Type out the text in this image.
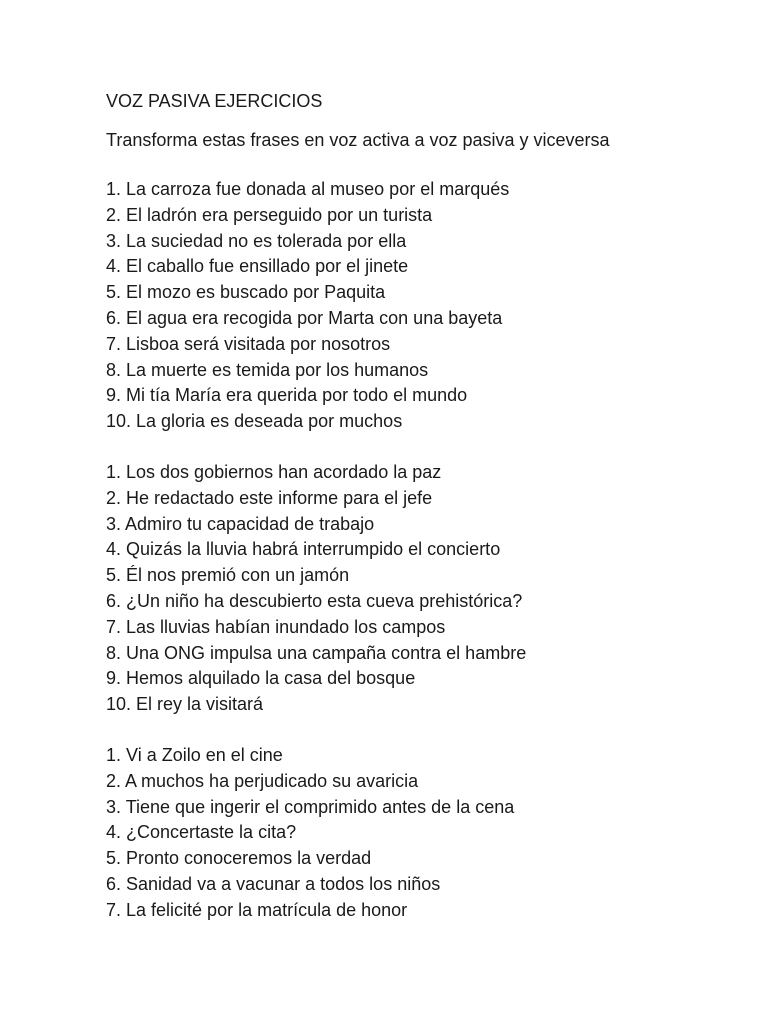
VOZ PASIVA EJERCICIOS

Transforma estas frases en voz activa a voz pasiva y viceversa

1. La carroza fue donada al museo por el marqués
2. El ladrón era perseguido por un turista
3. La suciedad no es tolerada por ella
4. El caballo fue ensillado por el jinete
5. El mozo es buscado por Paquita
6. El agua era recogida por Marta con una bayeta
7. Lisboa será visitada por nosotros
8. La muerte es temida por los humanos
9. Mi tía María era querida por todo el mundo
10. La gloria es deseada por muchos
1. Los dos gobiernos han acordado la paz
2. He redactado este informe para el jefe
3. Admiro tu capacidad de trabajo
4. Quizás la lluvia habrá interrumpido el concierto
5. Él nos premió con un jamón
6. ¿Un niño ha descubierto esta cueva prehistórica?
7. Las lluvias habían inundado los campos
8. Una ONG impulsa una campaña contra el hambre
9. Hemos alquilado la casa del bosque
10. El rey la visitará
1. Vi a Zoilo en el cine
2. A muchos ha perjudicado su avaricia
3. Tiene que ingerir el comprimido antes de la cena
4. ¿Concertaste la cita?
5. Pronto conoceremos la verdad
6. Sanidad va a vacunar a todos los niños
7. La felicité por la matrícula de honor
